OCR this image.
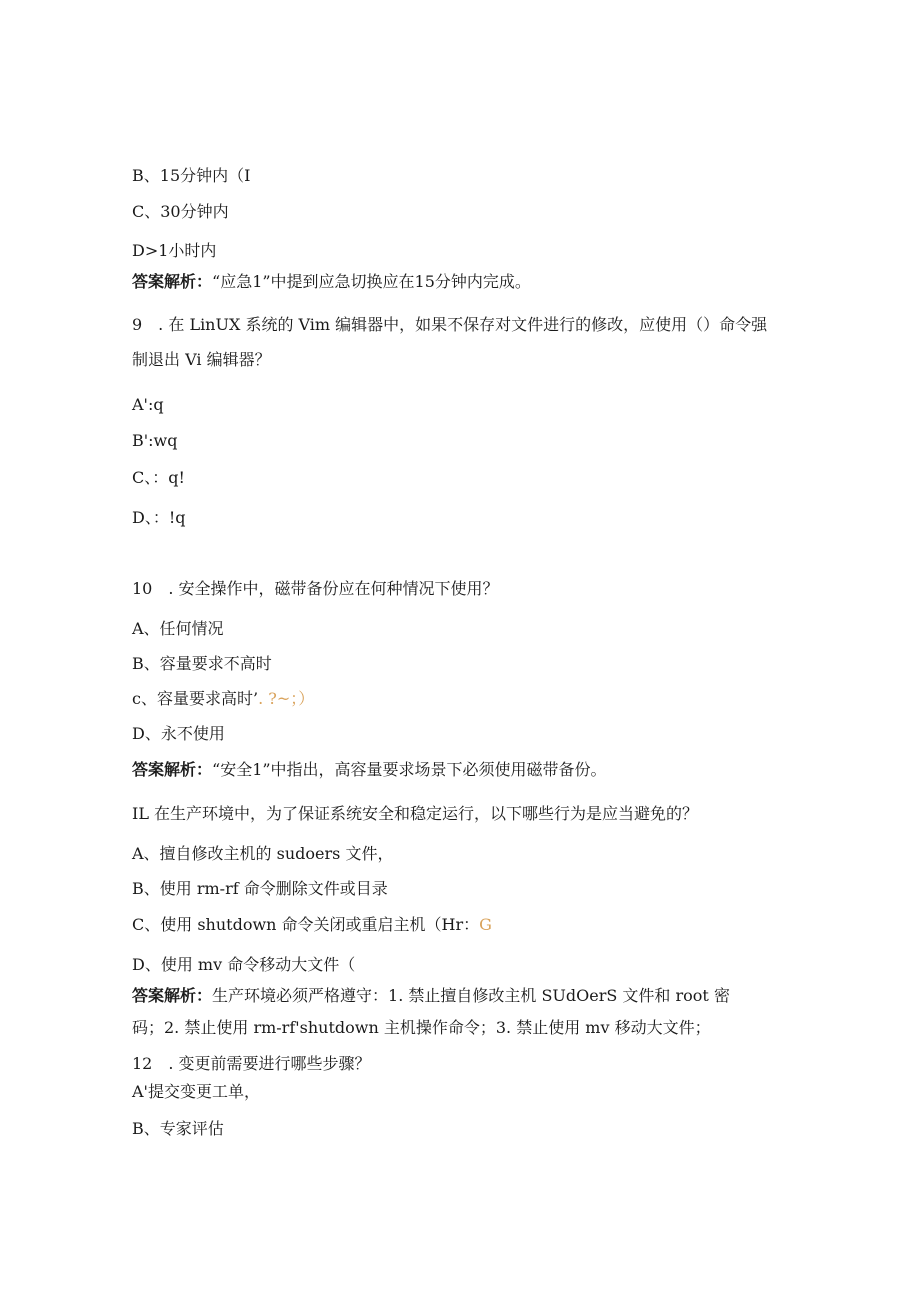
B、15分钟内（I
C、30分钟内
D>1小时内
答案解析：“应急1”中提到应急切换应在15分钟内完成。
9　. 在 LinUX 系统的 Vim 编辑器中，如果不保存对文件进行的修改，应使用（）命令强
制退出 Vi 编辑器？
A':q
B':wq
C、：q!
D、：!q
10　. 安全操作中，磁带备份应在何种情况下使用？
A、任何情况
B、容量要求不高时
c、容量要求高时’. ?~；）
D、永不使用
答案解析：“安全1”中指出，高容量要求场景下必须使用磁带备份。
IL 在生产环境中，为了保证系统安全和稳定运行，以下哪些行为是应当避免的？
A、擅自修改主机的 sudoers 文件，
B、使用 rm-rf 命令删除文件或目录
C、使用 shutdown 命令关闭或重启主机（Hr：G
D、使用 mv 命令移动大文件（
答案解析：生产环境必须严格遵守：1. 禁止擅自修改主机 SUdOerS 文件和 root 密
码；2. 禁止使用 rm-rf'shutdown 主机操作命令；3. 禁止使用 mv 移动大文件；
12　. 变更前需要进行哪些步骤？
A'提交变更工单，
B、专家评估
